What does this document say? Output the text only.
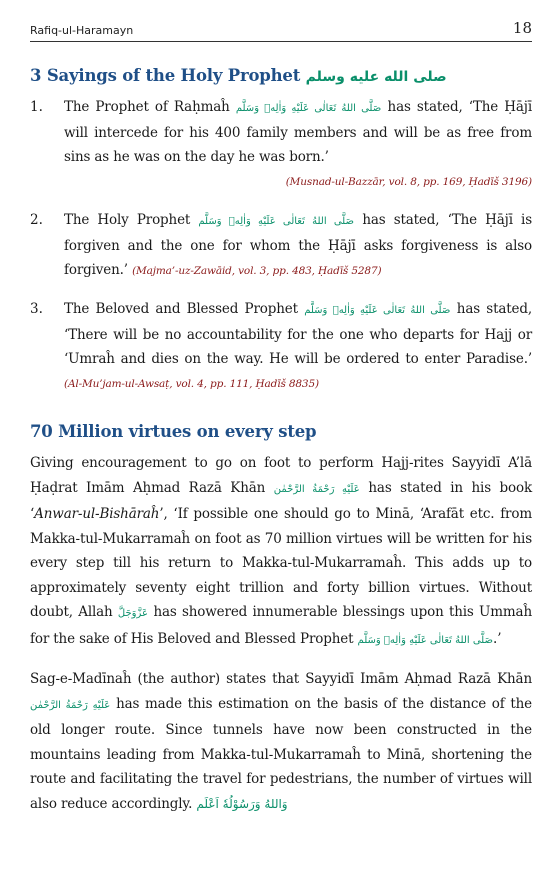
Rafiq-ul-Haramayn	18
3 Sayings of the Holy Prophet صلى الله عليه وسلم
1.	The Prophet of Raḥmaĥ صَلَّى اللهُ تَعَالٰى عَلَيْهِ وَاٰلِهٖ وَسَلَّم has stated, ‘The Ḥājī will intercede for his 400 family members and will be as free from sins as he was on the day he was born.’
(Musnad-ul-Bazzār, vol. 8, pp. 169, Ḥadīš 3196)
2.	The Holy Prophet صَلَّى اللهُ تَعَالٰى عَلَيْهِ وَاٰلِهٖ وَسَلَّم has stated, ‘The Ḥājī is forgiven and the one for whom the Ḥājī asks forgiveness is also forgiven.’ (Majma’-uz-Zawāid, vol. 3, pp. 483, Ḥadīš 5287)
3.	The Beloved and Blessed Prophet صَلَّى اللهُ تَعَالٰى عَلَيْهِ وَاٰلِهٖ وَسَلَّم has stated, ‘There will be no accountability for the one who departs for Hajj or ‘Umraĥ and dies on the way. He will be ordered to enter Paradise.’ (Al-Mu’jam-ul-Awsaṭ, vol. 4, pp. 111, Ḥadīš 8835)
70 Million virtues on every step

Giving encouragement to go on foot to perform Hajj-rites Sayyidī A’lā Ḥaḍrat Imām Aḥmad Razā Khān عَلَيْهِ رَحْمَةُ الرَّحْمٰن has stated in his book ‘Anwar-ul-Bishāraĥ’, ‘If possible one should go to Minā, ‘Arafāt etc. from Makka-tul-Mukarramaĥ on foot as 70 million virtues will be written for his every step till his return to Makka-tul-Mukarramaĥ. This adds up to approximately seventy eight trillion and forty billion virtues. Without doubt, Allah عَزَّوَجَلَّ has showered innumerable blessings upon this Ummaĥ for the sake of His Beloved and Blessed Prophet صَلَّى اللهُ تَعَالٰى عَلَيْهِ وَاٰلِهٖ وَسَلَّم.’

Sag-e-Madīnaĥ (the author) states that Sayyidī Imām Aḥmad Razā Khān عَلَيْهِ رَحْمَةُ الرَّحْمٰن has made this estimation on the basis of the distance of the old longer route. Since tunnels have now been constructed in the mountains leading from Makka-tul-Mukarramaĥ to Minā, shortening the route and facilitating the travel for pedestrians, the number of virtues will also reduce accordingly. وَاللهُ وَرَسُوْلُهٗ اَعْلَم
